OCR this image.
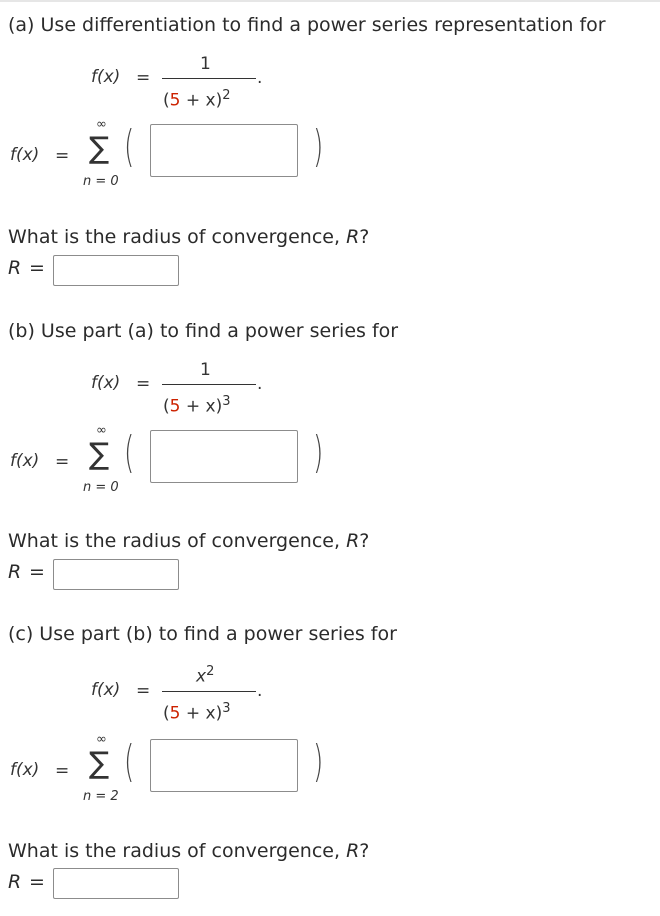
(a) Use differentiation to find a power series representation for
f(x) =
1
$(5 + x)^2$
.
f(x) =
∞
∑
n = 0
(	)
What is the radius of convergence, R?
R =
(b) Use part (a) to find a power series for
f(x) =
1
$(5 + x)^3$
.
f(x) =
∞
∑
n = 0
(	)
What is the radius of convergence, R?
R =
(c) Use part (b) to find a power series for
f(x) =
$x^2$
$(5 + x)^3$
.
f(x) =
∞
∑
n = 2
(	)
What is the radius of convergence, R?
R =
